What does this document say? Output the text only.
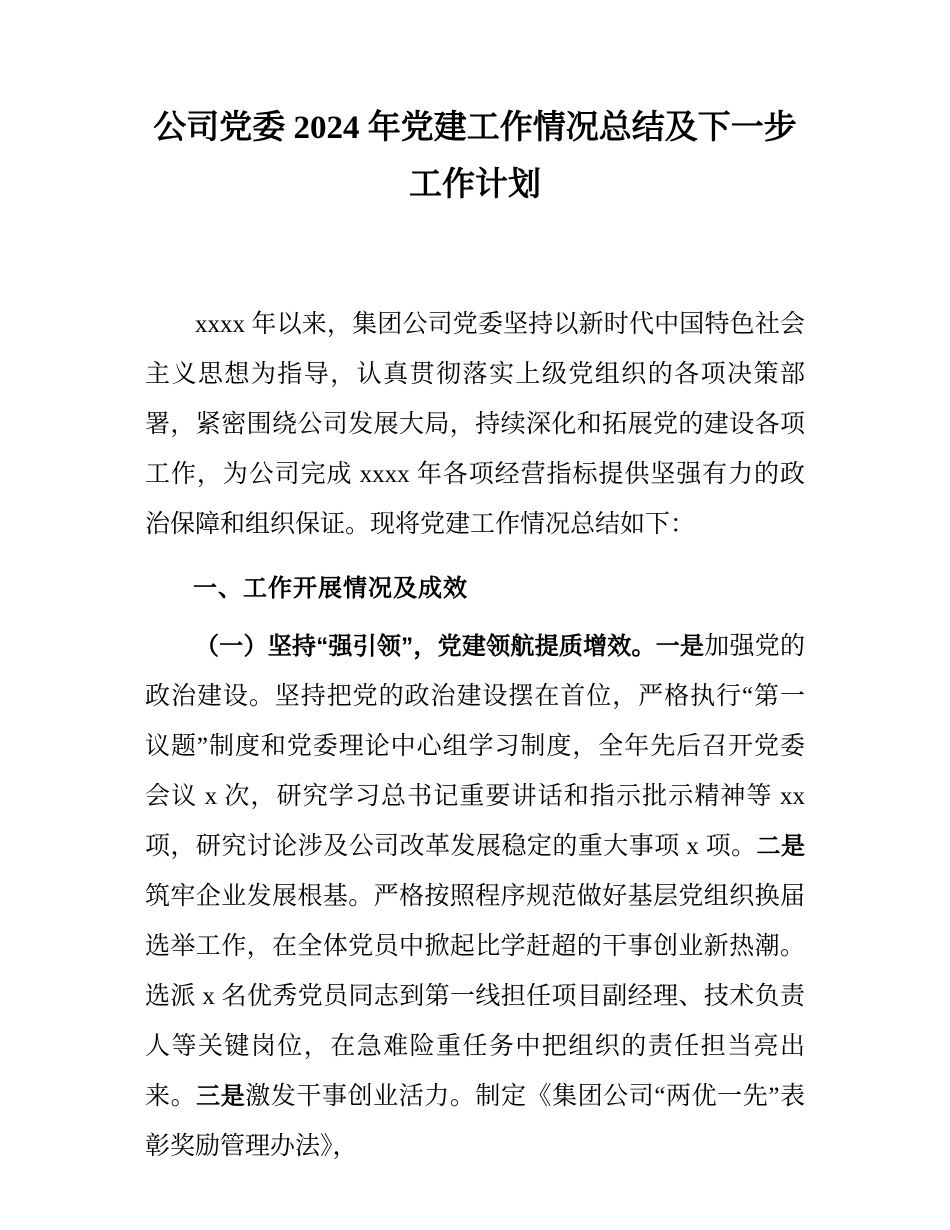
公司党委 2024 年党建工作情况总结及下一步工作计划

xxxx 年以来，集团公司党委坚持以新时代中国特色社会主义思想为指导，认真贯彻落实上级党组织的各项决策部署，紧密围绕公司发展大局，持续深化和拓展党的建设各项工作，为公司完成 xxxx 年各项经营指标提供坚强有力的政治保障和组织保证。现将党建工作情况总结如下：

一、工作开展情况及成效

（一）坚持“强引领”，党建领航提质增效。一是加强党的政治建设。坚持把党的政治建设摆在首位，严格执行“第一议题”制度和党委理论中心组学习制度，全年先后召开党委会议 x 次，研究学习总书记重要讲话和指示批示精神等 xx 项，研究讨论涉及公司改革发展稳定的重大事项 x 项。二是筑牢企业发展根基。严格按照程序规范做好基层党组织换届选举工作，在全体党员中掀起比学赶超的干事创业新热潮。选派 x 名优秀党员同志到第一线担任项目副经理、技术负责人等关键岗位，在急难险重任务中把组织的责任担当亮出来。三是激发干事创业活力。制定《集团公司“两优一先”表彰奖励管理办法》，
